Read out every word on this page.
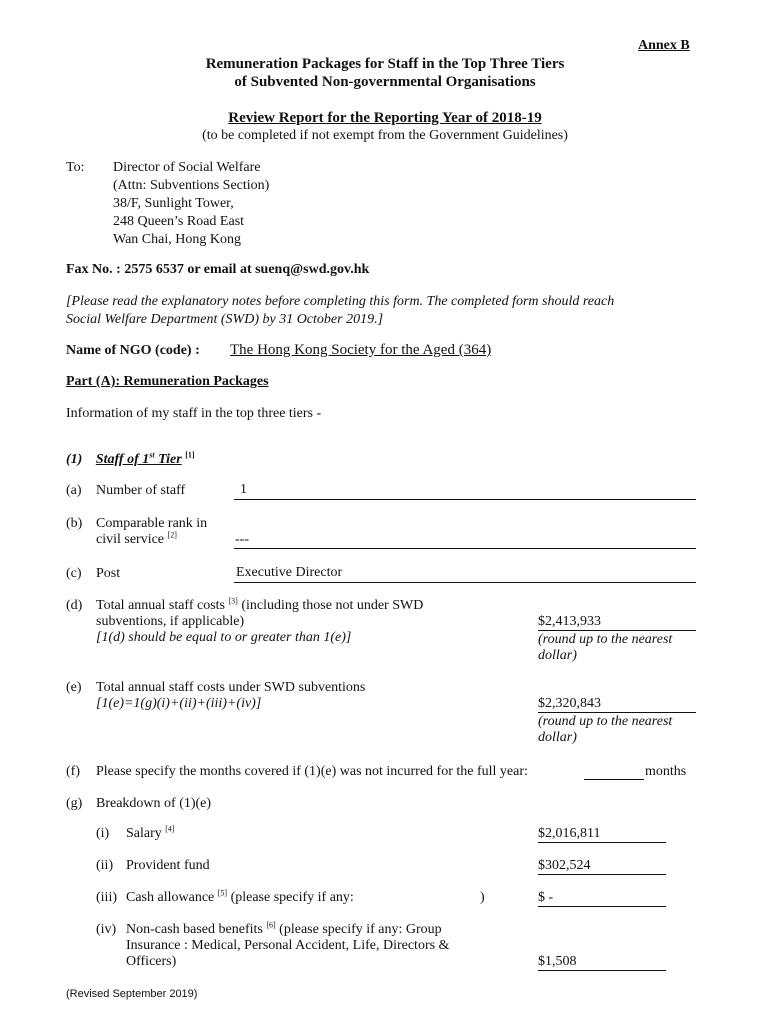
Annex B
Remuneration Packages for Staff in the Top Three Tiers
of Subvented Non-governmental Organisations
Review Report for the Reporting Year of 2018-19
(to be completed if not exempt from the Government Guidelines)
To: Director of Social Welfare
(Attn: Subventions Section)
38/F, Sunlight Tower,
248 Queen’s Road East
Wan Chai, Hong Kong
Fax No. : 2575 6537 or email at suenq@swd.gov.hk
[Please read the explanatory notes before completing this form. The completed form should reach
Social Welfare Department (SWD) by 31 October 2019.]
Name of NGO (code) : The Hong Kong Society for the Aged (364)
Part (A): Remuneration Packages
Information of my staff in the top three tiers -
(1) Staff of 1st Tier [1]
(a) Number of staff	1
(b) Comparable rank in
civil service [2]	---
(c) Post	Executive Director
(d) Total annual staff costs [3] (including those not under SWD
subventions, if applicable)
[1(d) should be equal to or greater than 1(e)]
$2,413,933
(round up to the nearest
dollar)
(e) Total annual staff costs under SWD subventions
[1(e)=1(g)(i)+(ii)+(iii)+(iv)]	$2,320,843
(round up to the nearest
dollar)
(f) Please specify the months covered if (1)(e) was not incurred for the full year:	months
(g) Breakdown of (1)(e)
(i) Salary [4]	$2,016,811
(ii) Provident fund	$302,524
(iii) Cash allowance [5] (please specify if any:	)	$ -
(iv) Non-cash based benefits [6] (please specify if any: Group
Insurance : Medical, Personal Accident, Life, Directors &
Officers)	$1,508
(Revised September 2019)
